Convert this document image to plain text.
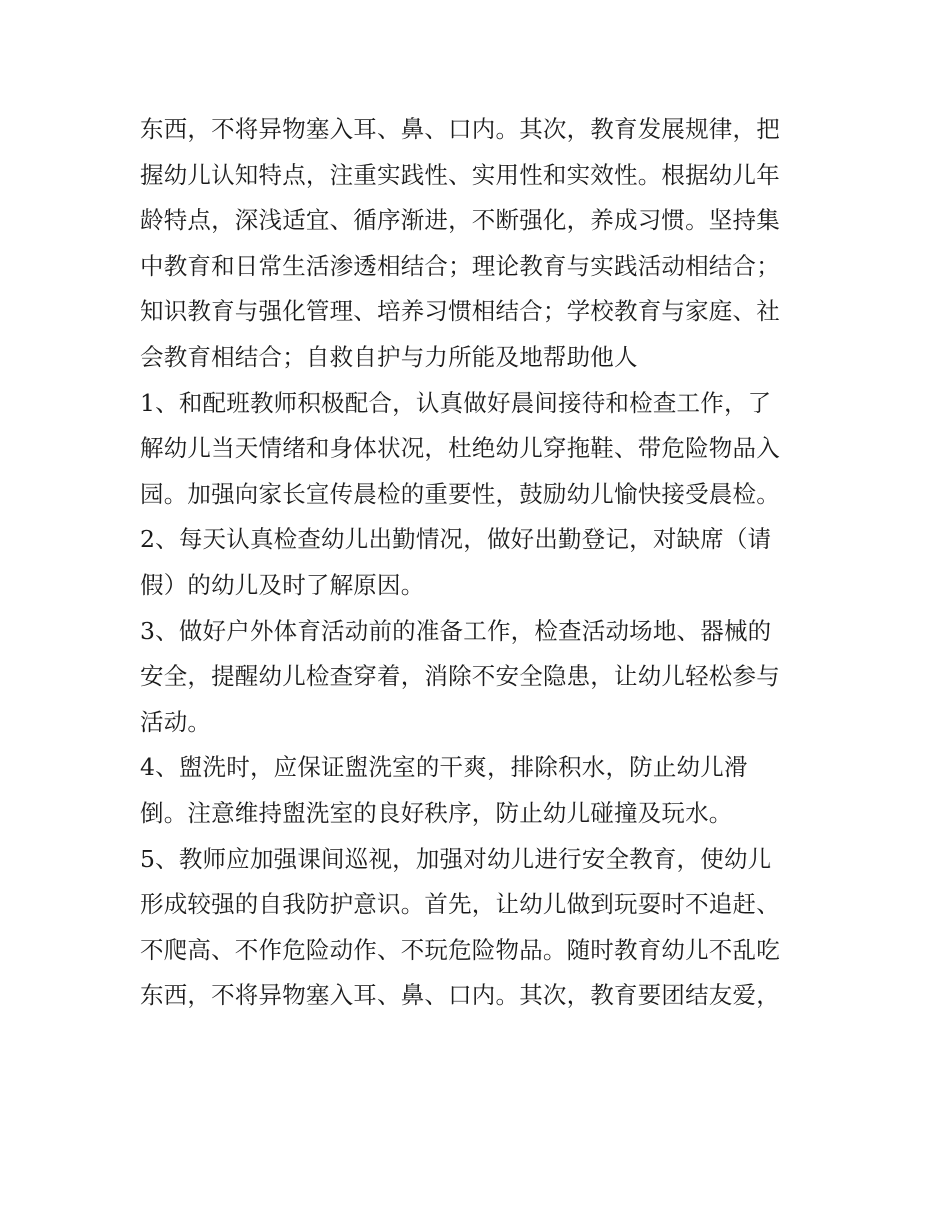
东西，不将异物塞入耳、鼻、口内。其次，教育发展规律，把
握幼儿认知特点，注重实践性、实用性和实效性。根据幼儿年
龄特点，深浅适宜、循序渐进，不断强化，养成习惯。坚持集
中教育和日常生活渗透相结合；理论教育与实践活动相结合；
知识教育与强化管理、培养习惯相结合；学校教育与家庭、社
会教育相结合；自救自护与力所能及地帮助他人
1、和配班教师积极配合，认真做好晨间接待和检查工作，了
解幼儿当天情绪和身体状况，杜绝幼儿穿拖鞋、带危险物品入
园。加强向家长宣传晨检的重要性，鼓励幼儿愉快接受晨检。
2、每天认真检查幼儿出勤情况，做好出勤登记，对缺席（请
假）的幼儿及时了解原因。
3、做好户外体育活动前的准备工作，检查活动场地、器械的
安全，提醒幼儿检查穿着，消除不安全隐患，让幼儿轻松参与
活动。
4、盥洗时，应保证盥洗室的干爽，排除积水，防止幼儿滑
倒。注意维持盥洗室的良好秩序，防止幼儿碰撞及玩水。
5、教师应加强课间巡视，加强对幼儿进行安全教育，使幼儿
形成较强的自我防护意识。首先，让幼儿做到玩耍时不追赶、
不爬高、不作危险动作、不玩危险物品。随时教育幼儿不乱吃
东西，不将异物塞入耳、鼻、口内。其次，教育要团结友爱，
